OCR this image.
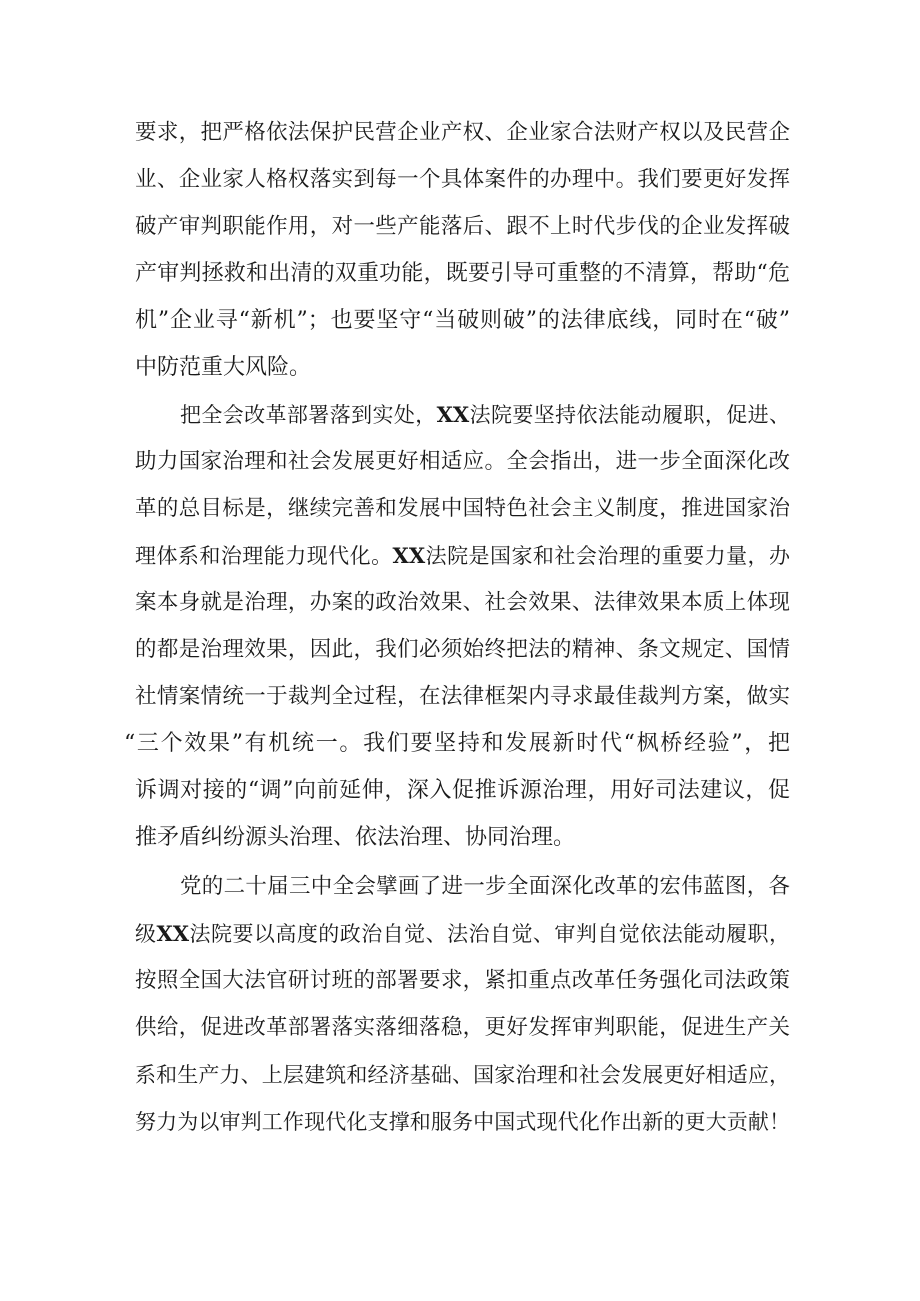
要求，把严格依法保护民营企业产权、企业家合法财产权以及民营企
业、企业家人格权落实到每一个具体案件的办理中。我们要更好发挥
破产审判职能作用，对一些产能落后、跟不上时代步伐的企业发挥破
产审判拯救和出清的双重功能，既要引导可重整的不清算，帮助“危
机”企业寻“新机”；也要坚守“当破则破”的法律底线，同时在“破”
中防范重大风险。
把全会改革部署落到实处，XX法院要坚持依法能动履职，促进、
助力国家治理和社会发展更好相适应。全会指出，进一步全面深化改
革的总目标是，继续完善和发展中国特色社会主义制度，推进国家治
理体系和治理能力现代化。XX法院是国家和社会治理的重要力量，办
案本身就是治理，办案的政治效果、社会效果、法律效果本质上体现
的都是治理效果，因此，我们必须始终把法的精神、条文规定、国情
社情案情统一于裁判全过程，在法律框架内寻求最佳裁判方案，做实
“三个效果”有机统一。我们要坚持和发展新时代“枫桥经验”，把
诉调对接的“调”向前延伸，深入促推诉源治理，用好司法建议，促
推矛盾纠纷源头治理、依法治理、协同治理。
党的二十届三中全会擘画了进一步全面深化改革的宏伟蓝图，各
级XX法院要以高度的政治自觉、法治自觉、审判自觉依法能动履职，
按照全国大法官研讨班的部署要求，紧扣重点改革任务强化司法政策
供给，促进改革部署落实落细落稳，更好发挥审判职能，促进生产关
系和生产力、上层建筑和经济基础、国家治理和社会发展更好相适应，
努力为以审判工作现代化支撑和服务中国式现代化作出新的更大贡献！
